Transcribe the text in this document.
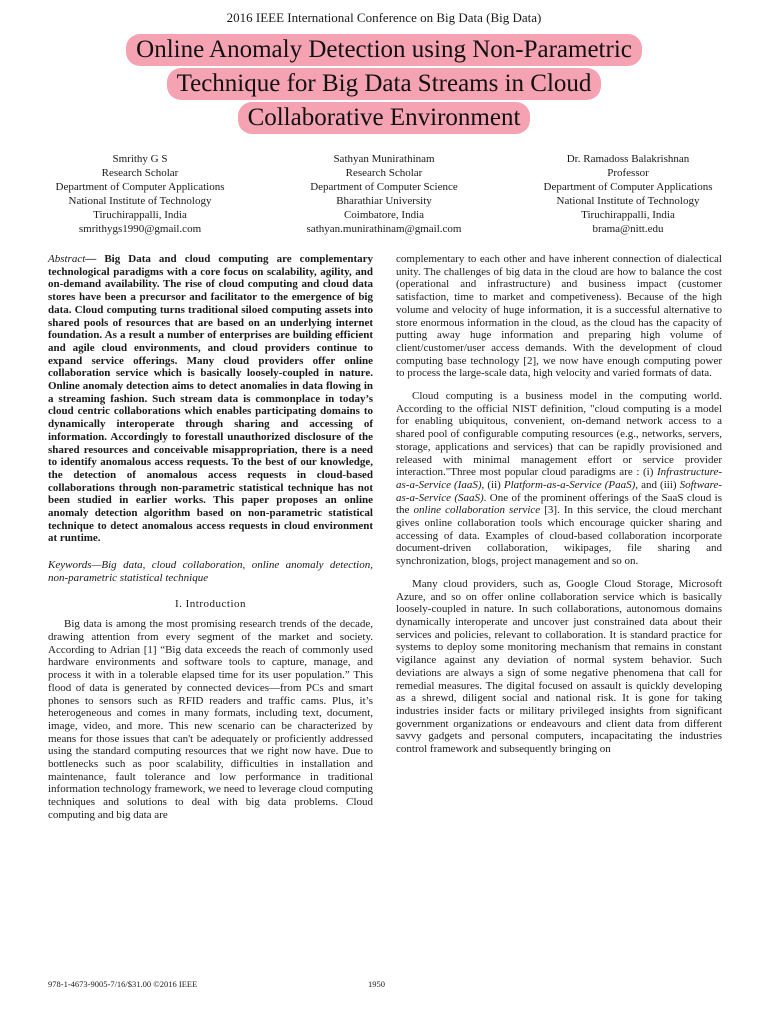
2016 IEEE International Conference on Big Data (Big Data)
Online Anomaly Detection using Non-Parametric
Technique for Big Data Streams in Cloud
Collaborative Environment
Smrithy G S
Research Scholar
Department of Computer Applications
National Institute of Technology
Tiruchirappalli, India
smrithygs1990@gmail.com
Sathyan Munirathinam
Research Scholar
Department of Computer Science
Bharathiar University
Coimbatore, India
sathyan.munirathinam@gmail.com
Dr. Ramadoss Balakrishnan
Professor
Department of Computer Applications
National Institute of Technology
Tiruchirappalli, India
brama@nitt.edu

Abstract— Big Data and cloud computing are complementary technological paradigms with a core focus on scalability, agility, and on-demand availability. The rise of cloud computing and cloud data stores have been a precursor and facilitator to the emergence of big data. Cloud computing turns traditional siloed computing assets into shared pools of resources that are based on an underlying internet foundation. As a result a number of enterprises are building efficient and agile cloud environments, and cloud providers continue to expand service offerings. Many cloud providers offer online collaboration service which is basically loosely-coupled in nature. Online anomaly detection aims to detect anomalies in data flowing in a streaming fashion. Such stream data is commonplace in today’s cloud centric collaborations which enables participating domains to dynamically interoperate through sharing and accessing of information. Accordingly to forestall unauthorized disclosure of the shared resources and conceivable misappropriation, there is a need to identify anomalous access requests. To the best of our knowledge, the detection of anomalous access requests in cloud-based collaborations through non-parametric statistical technique has not been studied in earlier works. This paper proposes an online anomaly detection algorithm based on non-parametric statistical technique to detect anomalous access requests in cloud environment at runtime.

Keywords—Big data, cloud collaboration, online anomaly detection, non-parametric statistical technique

I. Introduction

Big data is among the most promising research trends of the decade, drawing attention from every segment of the market and society. According to Adrian [1] “Big data exceeds the reach of commonly used hardware environments and software tools to capture, manage, and process it with in a tolerable elapsed time for its user population.” This flood of data is generated by connected devices—from PCs and smart phones to sensors such as RFID readers and traffic cams. Plus, it’s heterogeneous and comes in many formats, including text, document, image, video, and more. This new scenario can be characterized by means for those issues that can't be adequately or proficiently addressed using the standard computing resources that we right now have. Due to bottlenecks such as poor scalability, difficulties in installation and maintenance, fault tolerance and low performance in traditional information technology framework, we need to leverage cloud computing techniques and solutions to deal with big data problems. Cloud computing and big data are

complementary to each other and have inherent connection of dialectical unity. The challenges of big data in the cloud are how to balance the cost (operational and infrastructure) and business impact (customer satisfaction, time to market and competiveness). Because of the high volume and velocity of huge information, it is a successful alternative to store enormous information in the cloud, as the cloud has the capacity of putting away huge information and preparing high volume of client/customer/user access demands. With the development of cloud computing base technology [2], we now have enough computing power to process the large-scale data, high velocity and varied formats of data.

Cloud computing is a business model in the computing world. According to the official NIST definition, "cloud computing is a model for enabling ubiquitous, convenient, on-demand network access to a shared pool of configurable computing resources (e.g., networks, servers, storage, applications and services) that can be rapidly provisioned and released with minimal management effort or service provider interaction."Three most popular cloud paradigms are : (i) Infrastructure-as-a-Service (IaaS), (ii) Platform-as-a-Service (PaaS), and (iii) Software-as-a-Service (SaaS). One of the prominent offerings of the SaaS cloud is the online collaboration service [3]. In this service, the cloud merchant gives online collaboration tools which encourage quicker sharing and accessing of data. Examples of cloud-based collaboration incorporate document-driven collaboration, wikipages, file sharing and synchronization, blogs, project management and so on.

Many cloud providers, such as, Google Cloud Storage, Microsoft Azure, and so on offer online collaboration service which is basically loosely-coupled in nature. In such collaborations, autonomous domains dynamically interoperate and uncover just constrained data about their services and policies, relevant to collaboration. It is standard practice for systems to deploy some monitoring mechanism that remains in constant vigilance against any deviation of normal system behavior. Such deviations are always a sign of some negative phenomena that call for remedial measures. The digital focused on assault is quickly developing as a shrewd, diligent social and national risk. It is gone for taking industries insider facts or military privileged insights from significant government organizations or endeavours and client data from different savvy gadgets and personal computers, incapacitating the industries control framework and subsequently bringing on

978-1-4673-9005-7/16/$31.00 ©2016 IEEE	1950
